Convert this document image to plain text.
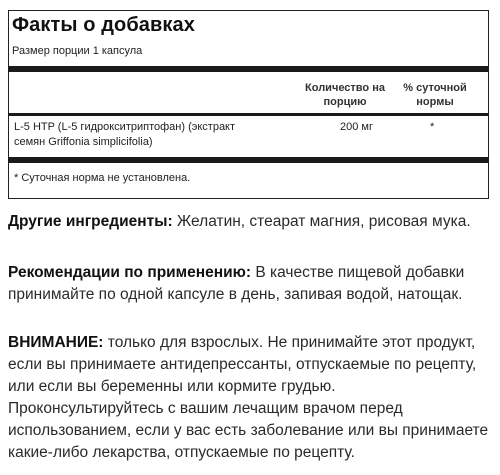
Факты о добавках
Размер порции 1 капсула
Количество на
порцию
% суточной
нормы
L-5 HTP (L-5 гидрокситриптофан) (экстракт
семян Griffonia simplicifolia)
200 мг	*
* Суточная норма не установлена.
Другие ингредиенты: Желатин, стеарат магния, рисовая мука.
Рекомендации по применению: В качестве пищевой добавки
принимайте по одной капсуле в день, запивая водой, натощак.
ВНИМАНИЕ: только для взрослых. Не принимайте этот продукт,
если вы принимаете антидепрессанты, отпускаемые по рецепту,
или если вы беременны или кормите грудью.
Проконсультируйтесь с вашим лечащим врачом перед
использованием, если у вас есть заболевание или вы принимаете
какие-либо лекарства, отпускаемые по рецепту.
